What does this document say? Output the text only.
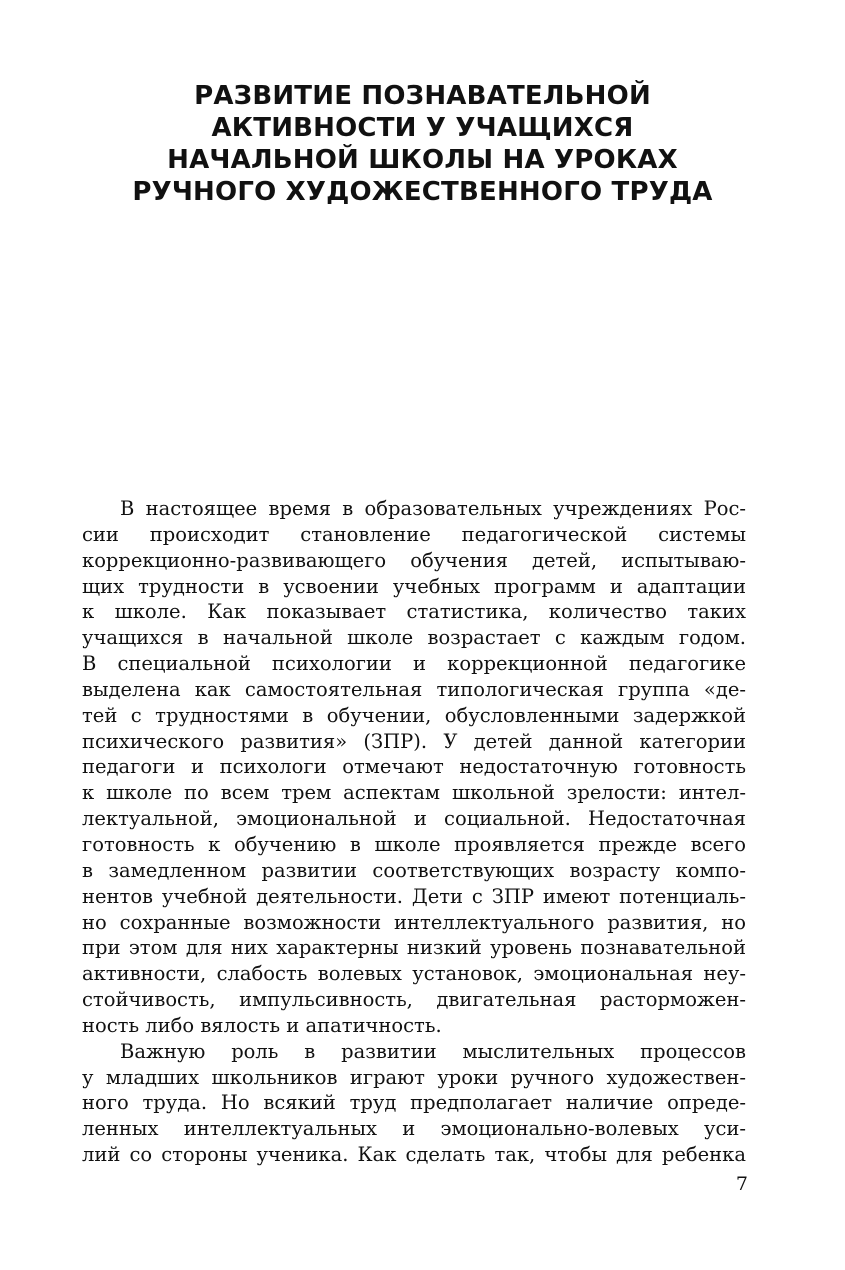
РАЗВИТИЕ ПОЗНАВАТЕЛЬНОЙ
АКТИВНОСТИ У УЧАЩИХСЯ
НАЧАЛЬНОЙ ШКОЛЫ НА УРОКАХ
РУЧНОГО ХУДОЖЕСТВЕННОГО ТРУДА
В настоящее время в образовательных учреждениях Рос-
сии происходит становление педагогической системы
коррекционно-развивающего обучения детей, испытываю-
щих трудности в усвоении учебных программ и адаптации
к школе. Как показывает статистика, количество таких
учащихся в начальной школе возрастает с каждым годом.
В специальной психологии и коррекционной педагогике
выделена как самостоятельная типологическая группа «де-
тей с трудностями в обучении, обусловленными задержкой
психического развития» (ЗПР). У детей данной категории
педагоги и психологи отмечают недостаточную готовность
к школе по всем трем аспектам школьной зрелости: интел-
лектуальной, эмоциональной и социальной. Недостаточная
готовность к обучению в школе проявляется прежде всего
в замедленном развитии соответствующих возрасту компо-
нентов учебной деятельности. Дети с ЗПР имеют потенциаль-
но сохранные возможности интеллектуального развития, но
при этом для них характерны низкий уровень познавательной
активности, слабость волевых установок, эмоциональная неу-
стойчивость, импульсивность, двигательная расторможен-
ность либо вялость и апатичность.
Важную роль в развитии мыслительных процессов
у младших школьников играют уроки ручного художествен-
ного труда. Но всякий труд предполагает наличие опреде-
ленных интеллектуальных и эмоционально-волевых уси-
лий со стороны ученика. Как сделать так, чтобы для ребенка
7
